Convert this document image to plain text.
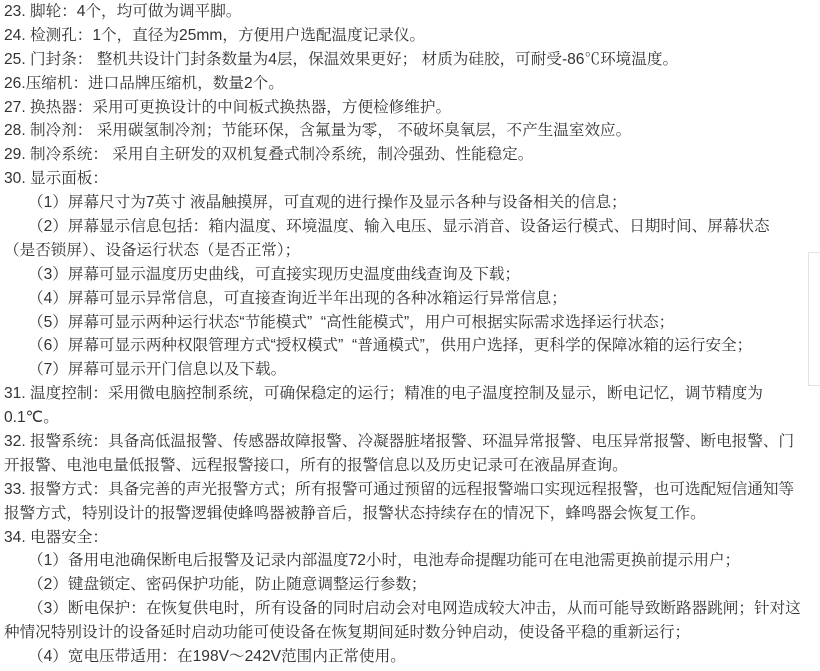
23. 脚轮：4个，均可做为调平脚。
24. 检测孔：1个，直径为25mm，方便用户选配温度记录仪。
25. 门封条： 整机共设计门封条数量为4层，保温效果更好； 材质为硅胶，可耐受-86℃环境温度。
26.压缩机：进口品牌压缩机，数量2个。
27. 换热器：采用可更换设计的中间板式换热器，方便检修维护。
28. 制冷剂： 采用碳氢制冷剂；节能环保，含氟量为零， 不破坏臭氧层，不产生温室效应。
29. 制冷系统： 采用自主研发的双机复叠式制冷系统，制冷强劲、性能稳定。
30. 显示面板：
（1）屏幕尺寸为7英寸 液晶触摸屏，可直观的进行操作及显示各种与设备相关的信息；
（2）屏幕显示信息包括：箱内温度、环境温度、输入电压、显示消音、设备运行模式、日期时间、屏幕状态
（是否锁屏）、设备运行状态（是否正常）；
（3）屏幕可显示温度历史曲线，可直接实现历史温度曲线查询及下载；
（4）屏幕可显示异常信息，可直接查询近半年出现的各种冰箱运行异常信息；
（5）屏幕可显示两种运行状态“节能模式”  “高性能模式”，用户可根据实际需求选择运行状态；
（6）屏幕可显示两种权限管理方式“授权模式”  “普通模式”，供用户选择，更科学的保障冰箱的运行安全；
（7）屏幕可显示开门信息以及下载。
31. 温度控制：采用微电脑控制系统，可确保稳定的运行；精准的电子温度控制及显示，断电记忆，调节精度为
0.1℃。
32. 报警系统：具备高低温报警、传感器故障报警、冷凝器脏堵报警、环温异常报警、电压异常报警、断电报警、门
开报警、电池电量低报警、远程报警接口，所有的报警信息以及历史记录可在液晶屏查询。
33. 报警方式：具备完善的声光报警方式；所有报警可通过预留的远程报警端口实现远程报警，也可选配短信通知等
报警方式，特别设计的报警逻辑使蜂鸣器被静音后，报警状态持续存在的情况下，蜂鸣器会恢复工作。
34. 电器安全：
（1）备用电池确保断电后报警及记录内部温度72小时，电池寿命提醒功能可在电池需更换前提示用户；
（2）键盘锁定、密码保护功能，防止随意调整运行参数；
（3）断电保护：在恢复供电时，所有设备的同时启动会对电网造成较大冲击，从而可能导致断路器跳闸；针对这
种情况特别设计的设备延时启动功能可使设备在恢复期间延时数分钟启动，使设备平稳的重新运行；
（4）宽电压带适用：在198V～242V范围内正常使用。
